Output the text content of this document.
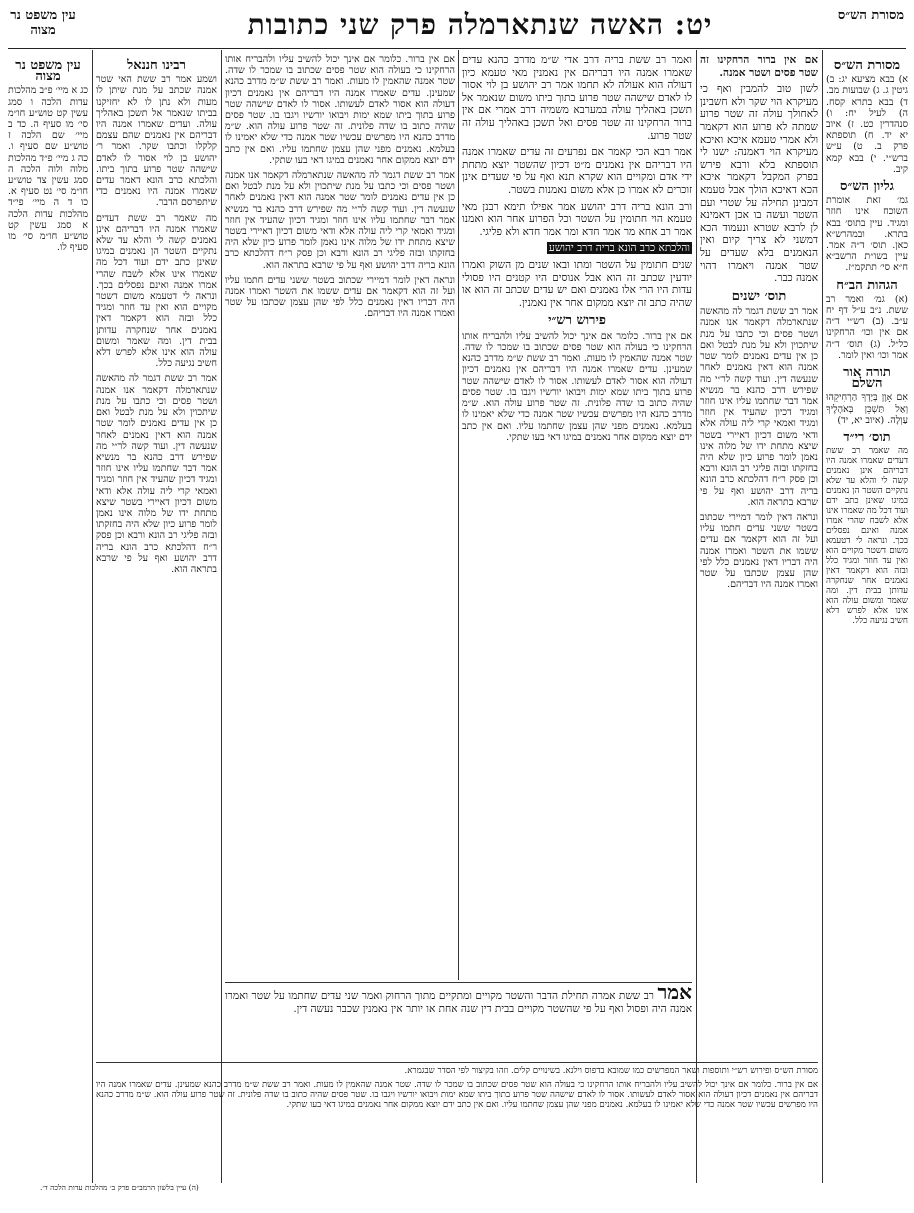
מסורת הש״ס
יט: האשה שנתארמלה פרק שני כתובות
עין משפט נר מצוה
מסורת הש״ס

א) בבא מציעא יג: ב) גיטין ג. ג) שבועות מב. ד) בבא בתרא קסח. ה) לעיל יח: ו) סנהדרין כט. ז) איוב יא יד. ח) תוספתא פרק ב. ט) ע״ש ברש״י. י) בבא קמא קיב.

גליון הש״ס

גמ׳ זאת אומרת השוכח אינו חוזר ומגיד. עיין בתוס׳ בבא בתרא. ובמהרש״א כאן. תוס׳ ד״ה אמר. עיין בשו״ת הרשב״א ח״א סי׳ תתקמ״ז.

הגהות הב״ח

(א) גמ׳ ואמר רב ששת. נ״ב ע״ל דף יח ע״ב. (ב) רש״י ד״ה אם אין וכו׳ הרחקינו כל״ל. (ג) תוס׳ ד״ה אמר וכו׳ ואין לומר.

תורה אור השלם

אִם אָוֶן בְּיָדְךָ הַרְחִיקֵהוּ וְאַל תַּשְׁכֵּן בְּאֹהָלֶיךָ עַוְלָה. (איוב יא, יד)

תוס׳ רי״ד

מה שאמר רב ששת דעדים שאמרו אמנה היו דבריהם אינן נאמנים קשה לי והלא עד שלא נתקיים השטר הן נאמנים במיגו שאינן כתב ידם ועוד דכל מה שאמרו אינו אלא לשבח שהרי אמרו אמנה ואינם נפסלים בכך. ונראה לי דטעמא משום דשטר מקויים הוא ואין עד חוזר ומגיד כלל ובזה הוא דקאמר דאין נאמנים אחר שנחקרה עדותן בבית דין. ומה שאמר ומשום עולה הוא אינו אלא לפרש דלא חשיב נגיעה כלל.

אם אין ברור הרחקינו זה שטר פסים ושטר אמנה.

לשון טוב להמבין ואף כי מעיקרא הוי שקר ולא חשבינן לאחולך עולה זה שטר פרוע שמתה לא פרוע הוא דקאמר ולא אמרי טעמא איכא ואיכא מעיקרא הוי דאמנה: ישנו לי תוספתא בלא ורבא פירש בפרק המקבל דקאמר איכא הכא דאיכא הולך אבל טעמא דמבינן תחילה על שטרי ועם השטר ועשה בו אכן דאמינא לן לרבא שטרא ונעמוד הכא דמשני לא צריך קיום ואין הנאמנים בלא שעדים על שטר אמנה ויאמרו דהוי אמנה כבר.

תוס׳ ישנים

אמר רב ששת דגמר לה מהאשה שנתארמלה דקאמר אנו אמנה ושטר פסים וכי כתבו על מנת שיתכוין ולא על מנת לבטל ואם כן אין עדים נאמנים לומר שטר אמנה הוא דאין נאמנים לאחר שנעשה דין. ועוד קשה לר״י מה שפירש דרב כהנא בר מנשיא אמר דבר שחתמו עליו אינו חוזר ומגיד דכיון שהעיד אין חוזר ומגיד ואמאי קרי ליה עולה אלא ודאי משום דכיון דאיירי בשטר שיצא מתחת ידו של מלוה אינו נאמן לומר פרוע כיון שלא היה בחזקתו ובזה פליגי רב הונא ורבא וכן פסק ר״ח דהלכתא כרב הונא בריה דרב יהושע ואף על פי שרבא בתראה הוא.

ונראה דאין לומר דמיירי שכתוב בשטר ששני עדים חתמו עליו ועל זה הוא דקאמר אם עדים ששמו את השטר ואמרו אמנה היה דבריו דאין נאמנים כלל לפי שהן עצמן שכתבו על שטר ואמרו אמנה היו דבריהם.

ואמר רב ששת בריה דרב אדי ש״מ מדרב כהנא עדים שאמרו אמנה היו דבריהם אין נאמנין מאי טעמא כיון דעולה הוא אעולה לא תחמו אמר רב יהושע בן לוי אסור לו לאדם שישהה שטר פרוע בתוך ביתו משום שנאמר אל תשכן באהליך עולה במערבא משמיה דרב אמרי אם אין ברור הרחקינו זה שטר פסים ואל תשכן באהליך עולה זה שטר פרוע.

אמר רבא הכי קאמר אם נפרעים זה עדים שאמרו אמנה היו דבריהם אין נאמנים מ״ט דכיון שהשטר יוצא מתחת ידי אדם ומקויים הוא שקרא תנא ואף על פי שעדים אינן זוכרים לא אמרו כן אלא משום נאמנות בשטר.

ורב הונא בריה דרב יהושע אמר אפילו תימא רבנן מאי טעמא הוי חתומין על השטר וכל הפרוע אחר הוא ואמנו אמר רב אחא מר אמר חדא ומר אמר חדא ולא פליגי.

והלכתא כרב הונא בריה דרב יהושע

שנים חתומין על השטר ומתו ובאו שנים מן השוק ואמרו יודעין שכתב זה הוא אבל אנוסים היו קטנים היו פסולי עדות היו הרי אלו נאמנים ואם יש עדים שכתב זה הוא או שהיה כתב זה יוצא ממקום אחר אין נאמנין.

פירוש רש״י

אם אין ברור. כלומר אם אינך יכול להשיב עליו ולהבריח אותו הרחקינו כי בעולה הוא שטר פסים שכתוב בו שמכר לו שדה. שטר אמנה שהאמין לו מעות. ואמר רב ששת ש״מ מדרב כהנא שמעינן. עדים שאמרו אמנה היו דבריהם אין נאמנים דכיון דעולה הוא אסור לאדם לעשותו. אסור לו לאדם שישהה שטר פרוע בתוך ביתו שמא ימות ויבואו יורשיו ויגבו בו. שטר פסים שהיה כתוב בו שדה פלונית. זה שטר פרוע עולה הוא. ש״מ מדרב כהנא היו מפרשים עכשיו שטר אמנה כדי שלא יאמינו לו בעלמא. נאמנים מפני שהן עצמן שחתמו עליו. ואם אין כתב ידם יוצא ממקום אחר נאמנים במיגו דאי בעו שתקי.

אם אין ברור. כלומר אם אינך יכול להשיב עליו ולהבריח אותו הרחקינו כי בעולה הוא שטר פסים שכתוב בו שמכר לו שדה. שטר אמנה שהאמין לו מעות. ואמר רב ששת ש״מ מדרב כהנא שמעינן. עדים שאמרו אמנה היו דבריהם אין נאמנים דכיון דעולה הוא אסור לאדם לעשותו. אסור לו לאדם שישהה שטר פרוע בתוך ביתו שמא ימות ויבואו יורשיו ויגבו בו. שטר פסים שהיה כתוב בו שדה פלונית. זה שטר פרוע עולה הוא. ש״מ מדרב כהנא היו מפרשים עכשיו שטר אמנה כדי שלא יאמינו לו בעלמא. נאמנים מפני שהן עצמן שחתמו עליו. ואם אין כתב ידם יוצא ממקום אחר נאמנים במיגו דאי בעו שתקי.

אמר רב ששת דגמר לה מהאשה שנתארמלה דקאמר אנו אמנה ושטר פסים וכי כתבו על מנת שיתכוין ולא על מנת לבטל ואם כן אין עדים נאמנים לומר שטר אמנה הוא דאין נאמנים לאחר שנעשה דין. ועוד קשה לר״י מה שפירש דרב כהנא בר מנשיא אמר דבר שחתמו עליו אינו חוזר ומגיד דכיון שהעיד אין חוזר ומגיד ואמאי קרי ליה עולה אלא ודאי משום דכיון דאיירי בשטר שיצא מתחת ידו של מלוה אינו נאמן לומר פרוע כיון שלא היה בחזקתו ובזה פליגי רב הונא ורבא וכן פסק ר״ח דהלכתא כרב הונא בריה דרב יהושע ואף על פי שרבא בתראה הוא.

ונראה דאין לומר דמיירי שכתוב בשטר ששני עדים חתמו עליו ועל זה הוא דקאמר אם עדים ששמו את השטר ואמרו אמנה היה דבריו דאין נאמנים כלל לפי שהן עצמן שכתבו על שטר ואמרו אמנה היו דבריהם.

רבינו חננאל

ושמע אמר רב ששת האי שטר אמנה שכתב על מנת שיתן לו מעות ולא נתן לו לא יחזיקנו בביתו שנאמר אל תשכן באהליך עולה. ועדים שאמרו אמנה היו דבריהם אין נאמנים שהם עצמם קלקלו וכתבו שקר. ואמר ר׳ יהושע בן לוי אסור לו לאדם שישהה שטר פרוע בתוך ביתו. והלכתא כרב הונא דאמר עדים שאמרו אמנה היו נאמנים כדי שיתפרסם הדבר.

מה שאמר רב ששת דעדים שאמרו אמנה היו דבריהם אינן נאמנים קשה לי והלא עד שלא נתקיים השטר הן נאמנים במיגו שאינן כתב ידם ועוד דכל מה שאמרו אינו אלא לשבח שהרי אמרו אמנה ואינם נפסלים בכך. ונראה לי דטעמא משום דשטר מקויים הוא ואין עד חוזר ומגיד כלל ובזה הוא דקאמר דאין נאמנים אחר שנחקרה עדותן בבית דין. ומה שאמר ומשום עולה הוא אינו אלא לפרש דלא חשיב נגיעה כלל.

אמר רב ששת דגמר לה מהאשה שנתארמלה דקאמר אנו אמנה ושטר פסים וכי כתבו על מנת שיתכוין ולא על מנת לבטל ואם כן אין עדים נאמנים לומר שטר אמנה הוא דאין נאמנים לאחר שנעשה דין. ועוד קשה לר״י מה שפירש דרב כהנא בר מנשיא אמר דבר שחתמו עליו אינו חוזר ומגיד דכיון שהעיד אין חוזר ומגיד ואמאי קרי ליה עולה אלא ודאי משום דכיון דאיירי בשטר שיצא מתחת ידו של מלוה אינו נאמן לומר פרוע כיון שלא היה בחזקתו ובזה פליגי רב הונא ורבא וכן פסק ר״ח דהלכתא כרב הונא בריה דרב יהושע ואף על פי שרבא בתראה הוא.

עין משפט נר מצוה

כג א מיי׳ פ״ב מהלכות עדות הלכה ו סמג עשין קט טוש״ע חו״מ סי׳ מו סעיף ה. כד ב מיי׳ שם הלכה ז טוש״ע שם סעיף ו. כה ג מיי׳ פ״ד מהלכות מלוה ולוה הלכה ה סמג עשין צד טוש״ע חו״מ סי׳ נט סעיף א. כו ד ה מיי׳ פי״ד מהלכות עדות הלכה א סמג עשין קט טוש״ע חו״מ סי׳ מו סעיף לו.

אמר רב ששת אמרה תחילת הדבר והשטר מקויים ומתקיים מתוך הרחוק ואמר שני עדים שחתמו על שטר ואמרו אמנה היה ופסול ואף על פי שהשטר מקויים בבית דין שנה אחת או יותר אין נאמנין שכבר נעשה דין.

מסורת הש״ס ופירוש רש״י ותוספות ושאר המפרשים כמו שמובא בדפוס וילנא. בשינויים קלים. וזהו בקיצור לפי הסדר שבגמרא.

אם אין ברור. כלומר אם אינך יכול להשיב עליו ולהבריח אותו הרחקינו כי בעולה הוא שטר פסים שכתוב בו שמכר לו שדה. שטר אמנה שהאמין לו מעות. ואמר רב ששת ש״מ מדרב כהנא שמעינן. עדים שאמרו אמנה היו דבריהם אין נאמנים דכיון דעולה הוא אסור לאדם לעשותו. אסור לו לאדם שישהה שטר פרוע בתוך ביתו שמא ימות ויבואו יורשיו ויגבו בו. שטר פסים שהיה כתוב בו שדה פלונית. זה שטר פרוע עולה הוא. ש״מ מדרב כהנא היו מפרשים עכשיו שטר אמנה כדי שלא יאמינו לו בעלמא. נאמנים מפני שהן עצמן שחתמו עליו. ואם אין כתב ידם יוצא ממקום אחר נאמנים במיגו דאי בעו שתקי.

(ה) עיין בלשון הרמב״ם פרק ב׳ מהלכות עדות הלכה ד׳.
